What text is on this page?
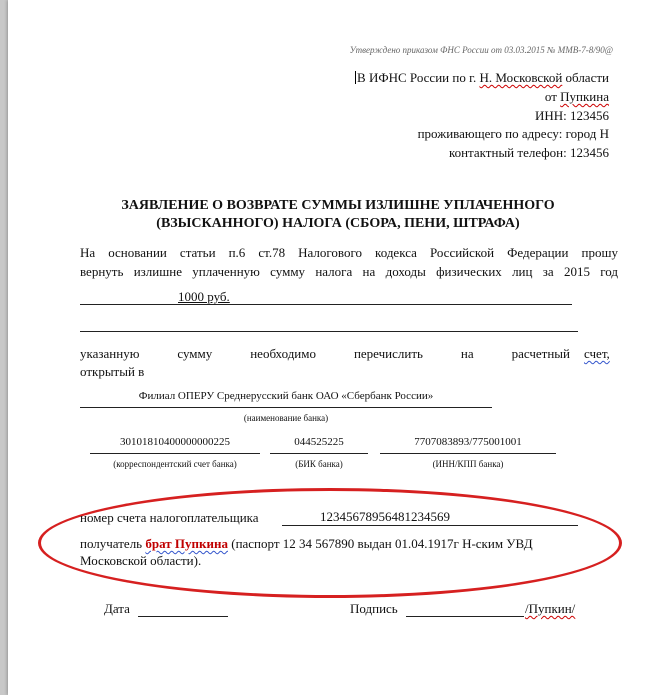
Утверждено приказом ФНС России от 03.03.2015 № ММВ-7-8/90@
В ИФНС России по г. Н. Московской области
от Пупкина
ИНН: 123456
проживающего по адресу: город Н
контактный телефон: 123456
ЗАЯВЛЕНИЕ О ВОЗВРАТЕ СУММЫ ИЗЛИШНЕ УПЛАЧЕННОГО
(ВЗЫСКАННОГО) НАЛОГА (СБОРА, ПЕНИ, ШТРАФА)
На основании статьи п.6 ст.78 Налогового кодекса Российской Федерации прошу
вернуть излишне уплаченную сумму налога на доходы физических лиц за 2015 год
1000 руб.
указанную сумму необходимо перечислить на расчетный счет,
открытый в
Филиал ОПЕРУ Среднерусский банк ОАО «Сбербанк России»
(наименование банка)
30101810400000000225
(корреспондентский счет банка)
044525225
(БИК банка)
7707083893/775001001
(ИНН/КПП банка)
номер счета налогоплательщика	12345678956481234569
получатель брат Пупкина (паспорт 12 34 567890 выдан 01.04.1917г Н-ским УВД
Московской области).
Дата	Подпись	/Пупкин/
